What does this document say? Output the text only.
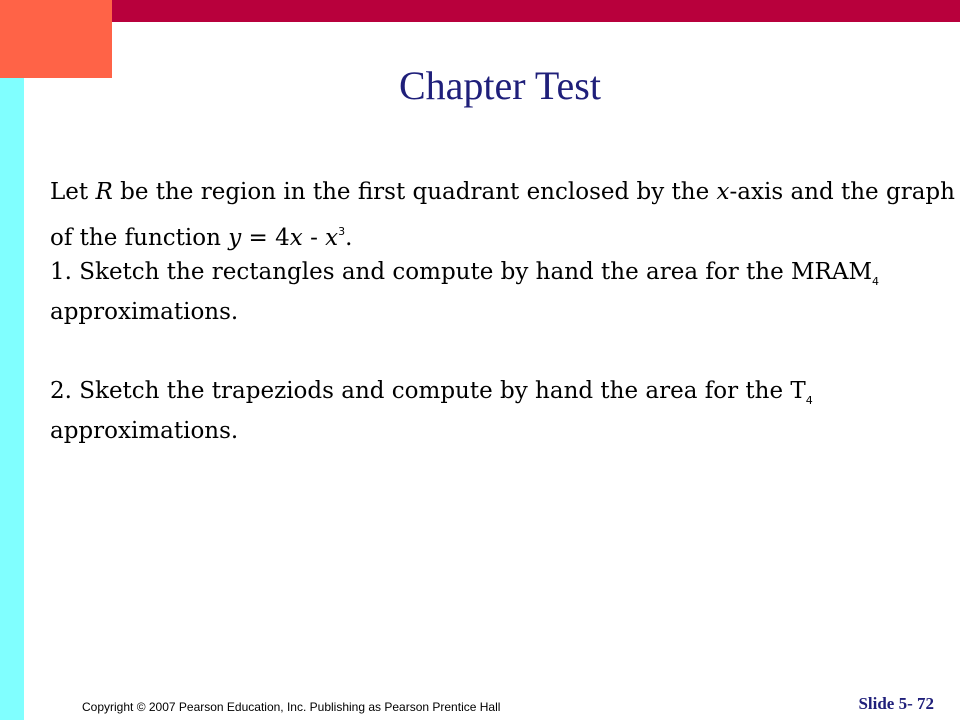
Chapter Test
Let R be the region in the first quadrant enclosed by the x-axis and the graph
of the function $y = 4x - x^3$.
1. Sketch the rectangles and compute by hand the area for the $MRAM_4$
approximations.
2. Sketch the trapeziods and compute by hand the area for the $T_4$
approximations.
Copyright © 2007 Pearson Education, Inc. Publishing as Pearson Prentice Hall	Slide 5- 72
